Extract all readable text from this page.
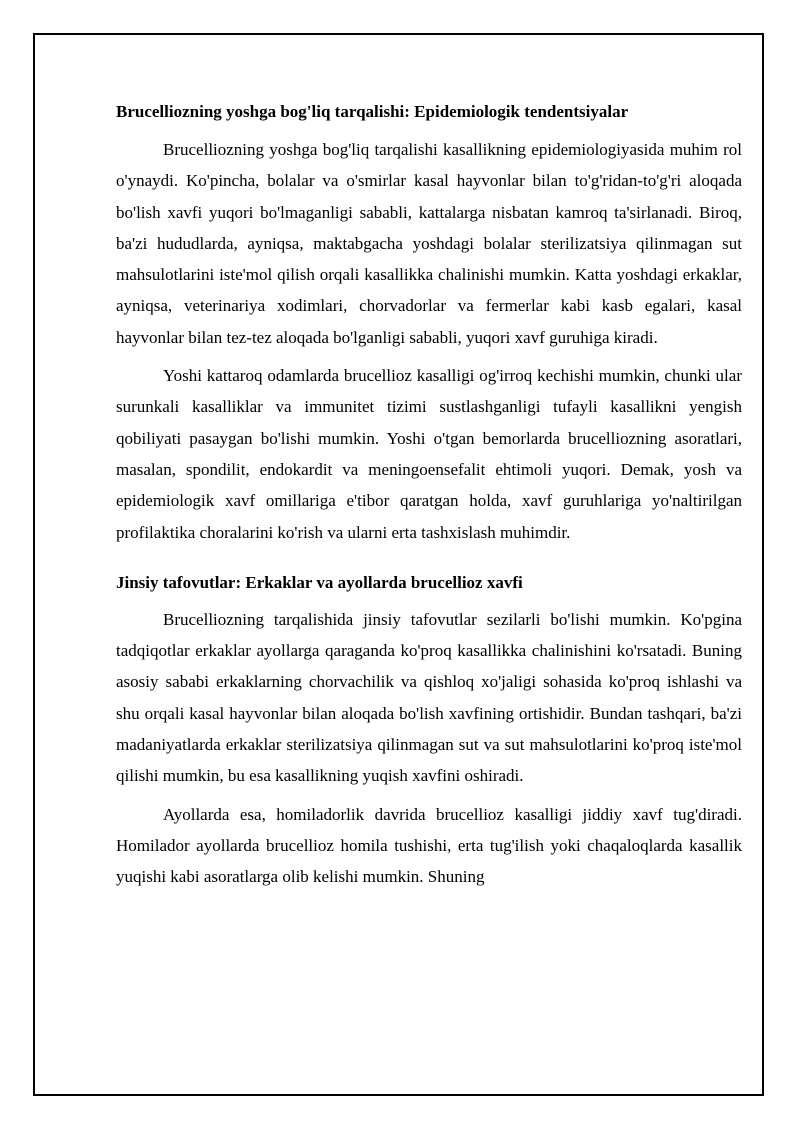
Brucelliozning yoshga bog'liq tarqalishi: Epidemiologik tendentsiyalar

Brucelliozning yoshga bog'liq tarqalishi kasallikning epidemiologiyasida muhim rol o'ynaydi. Ko'pincha, bolalar va o'smirlar kasal hayvonlar bilan to'g'ridan-to'g'ri aloqada bo'lish xavfi yuqori bo'lmaganligi sababli, kattalarga nisbatan kamroq ta'sirlanadi. Biroq, ba'zi hududlarda, ayniqsa, maktabgacha yoshdagi bolalar sterilizatsiya qilinmagan sut mahsulotlarini iste'mol qilish orqali kasallikka chalinishi mumkin. Katta yoshdagi erkaklar, ayniqsa, veterinariya xodimlari, chorvadorlar va fermerlar kabi kasb egalari, kasal hayvonlar bilan tez-tez aloqada bo'lganligi sababli, yuqori xavf guruhiga kiradi.

Yoshi kattaroq odamlarda brucellioz kasalligi og'irroq kechishi mumkin, chunki ular surunkali kasalliklar va immunitet tizimi sustlashganligi tufayli kasallikni yengish qobiliyati pasaygan bo'lishi mumkin. Yoshi o'tgan bemorlarda brucelliozning asoratlari, masalan, spondilit, endokardit va meningoensefalit ehtimoli yuqori. Demak, yosh va epidemiologik xavf omillariga e'tibor qaratgan holda, xavf guruhlariga yo'naltirilgan profilaktika choralarini ko'rish va ularni erta tashxislash muhimdir.

Jinsiy tafovutlar: Erkaklar va ayollarda brucellioz xavfi

Brucelliozning tarqalishida jinsiy tafovutlar sezilarli bo'lishi mumkin. Ko'pgina tadqiqotlar erkaklar ayollarga qaraganda ko'proq kasallikka chalinishini ko'rsatadi. Buning asosiy sababi erkaklarning chorvachilik va qishloq xo'jaligi sohasida ko'proq ishlashi va shu orqali kasal hayvonlar bilan aloqada bo'lish xavfining ortishidir. Bundan tashqari, ba'zi madaniyatlarda erkaklar sterilizatsiya qilinmagan sut va sut mahsulotlarini ko'proq iste'mol qilishi mumkin, bu esa kasallikning yuqish xavfini oshiradi.

Ayollarda esa, homiladorlik davrida brucellioz kasalligi jiddiy xavf tug'diradi. Homilador ayollarda brucellioz homila tushishi, erta tug'ilish yoki chaqaloqlarda kasallik yuqishi kabi asoratlarga olib kelishi mumkin. Shuning
